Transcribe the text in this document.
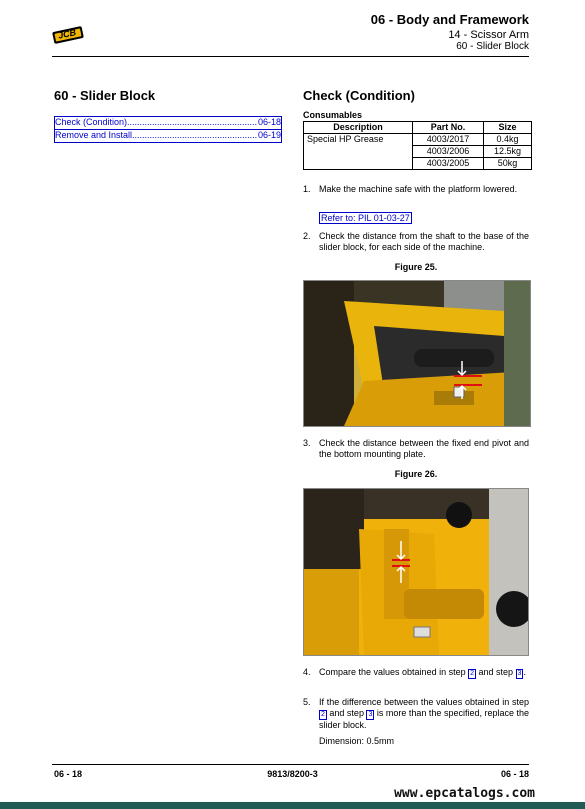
JCB
06 - Body and Framework
14 - Scissor Arm
60 - Slider Block
60 - Slider Block
Check (Condition) .....	06-18
Remove and Install .....	06-19
Check (Condition)
Consumables
Description	Part No.	Size
Special HP Grease	4003/2017	0.4kg
	4003/2006	12.5kg
	4003/2005	50kg
1. Make the machine safe with the platform lowered.
Refer to: PIL 01-03-27
2. Check the distance from the shaft to the base of the slider block, for each side of the machine.
Figure 25.
3. Check the distance between the fixed end pivot and the bottom mounting plate.
Figure 26.
4. Compare the values obtained in step 2 and step 3 .
5. If the difference between the values obtained in step 2 and step 3 is more than the specified, replace the slider block.
Dimension: 0.5mm
06 - 18	9813/8200-3	06 - 18
www.epcatalogs.com
